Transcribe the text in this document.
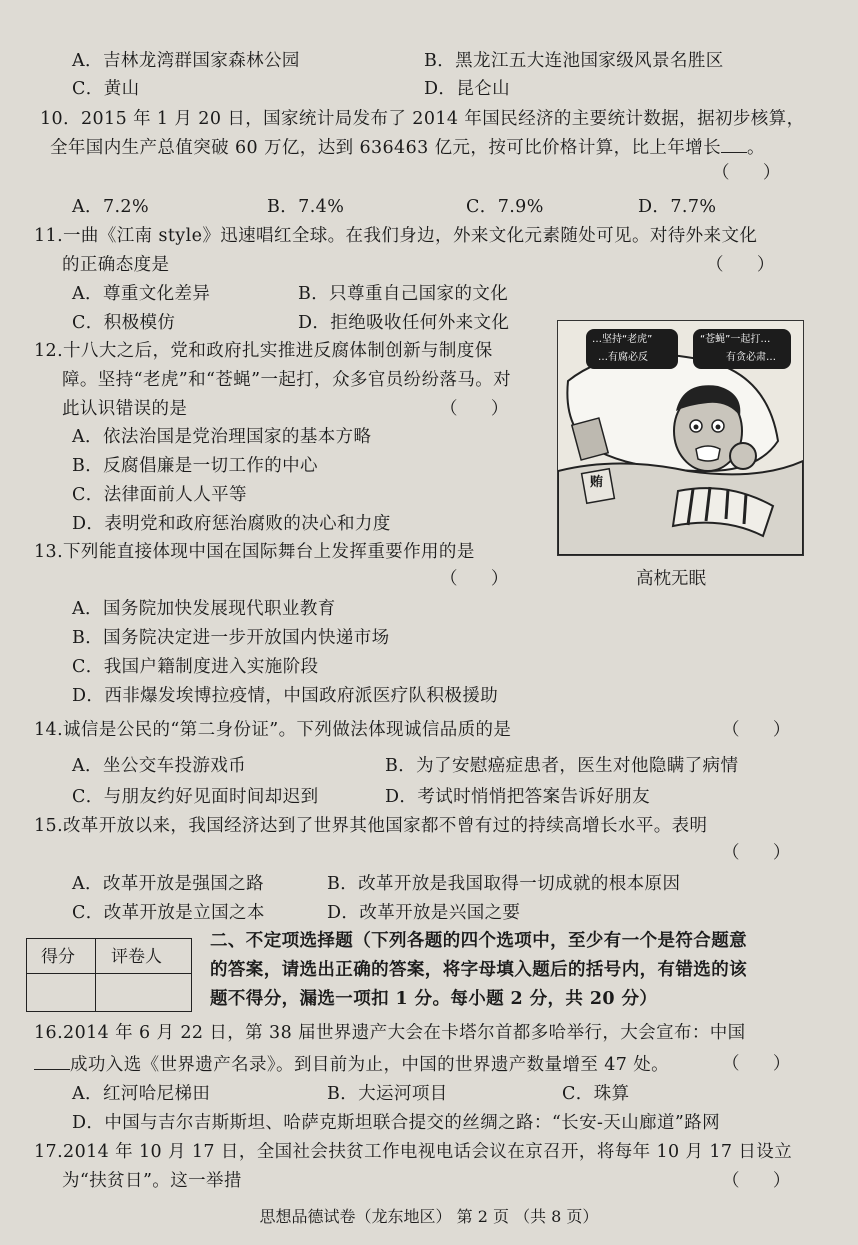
A．吉林龙湾群国家森林公园	B．黑龙江五大连池国家级风景名胜区
C．黄山	D．昆仑山
10．2015 年 1 月 20 日，国家统计局发布了 2014 年国民经济的主要统计数据，据初步核算，
全年国内生产总值突破 60 万亿，达到 636463 亿元，按可比价格计算，比上年增长 。
（      ）
A．7.2%	B．7.4%	C．7.9%	D．7.7%
11.一曲《江南 style》迅速唱红全球。在我们身边，外来文化元素随处可见。对待外来文化
的正确态度是	（      ）
A．尊重文化差异	B．只尊重自己国家的文化
C．积极模仿	D．拒绝吸收任何外来文化
12.十八大之后，党和政府扎实推进反腐体制创新与制度保
障。坚持“老虎”和“苍蝇”一起打，众多官员纷纷落马。对
此认识错误的是	（      ）
A．依法治国是党治理国家的基本方略
B．反腐倡廉是一切工作的中心
C．法律面前人人平等
D．表明党和政府惩治腐败的决心和力度
…坚持“老虎”
…有腐必反
“苍蝇”一起打…
有贪必肃…
贿
高枕无眠
13.下列能直接体现中国在国际舞台上发挥重要作用的是
（      ）
A．国务院加快发展现代职业教育
B．国务院决定进一步开放国内快递市场
C．我国户籍制度进入实施阶段
D．西非爆发埃博拉疫情，中国政府派医疗队积极援助
14.诚信是公民的“第二身份证”。下列做法体现诚信品质的是	（      ）
A．坐公交车投游戏币	B．为了安慰癌症患者，医生对他隐瞒了病情
C．与朋友约好见面时间却迟到	D．考试时悄悄把答案告诉好朋友
15.改革开放以来，我国经济达到了世界其他国家都不曾有过的持续高增长水平。表明
（      ）
A．改革开放是强国之路	B．改革开放是我国取得一切成就的根本原因
C．改革开放是立国之本	D．改革开放是兴国之要
得分 评卷人
二、不定项选择题（下列各题的四个选项中，至少有一个是符合题意
的答案，请选出正确的答案，将字母填入题后的括号内，有错选的该
题不得分，漏选一项扣 1 分。每小题 2 分，共 20 分）
16.2014 年 6 月 22 日，第 38 届世界遗产大会在卡塔尔首都多哈举行，大会宣布：中国
成功入选《世界遗产名录》。到目前为止，中国的世界遗产数量增至 47 处。	（      ）
A．红河哈尼梯田	B．大运河项目	C．珠算
D．中国与吉尔吉斯斯坦、哈萨克斯坦联合提交的丝绸之路：“长安-天山廊道”路网
17.2014 年 10 月 17 日，全国社会扶贫工作电视电话会议在京召开，将每年 10 月 17 日设立
为“扶贫日”。这一举措	（      ）
思想品德试卷（龙东地区） 第 2 页 （共 8 页）
